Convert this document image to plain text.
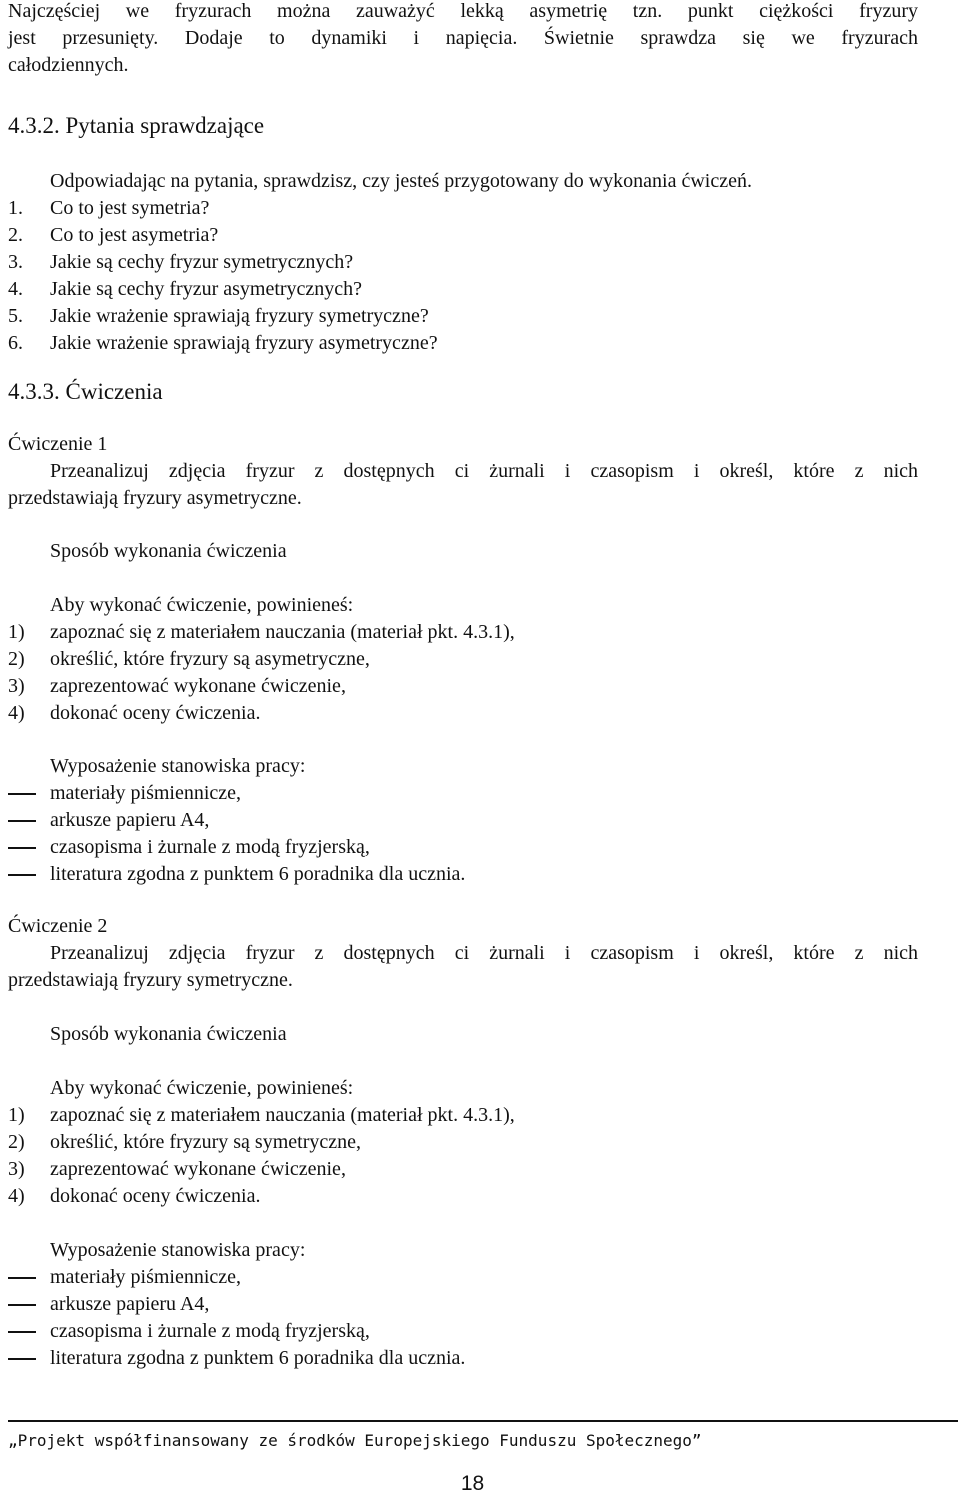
Najczęściej we fryzurach można zauważyć lekką asymetrię tzn. punkt ciężkości fryzury

jest przesunięty. Dodaje to dynamiki i napięcia. Świetnie sprawdza się we fryzurach

całodziennych.

4.3.2. Pytania sprawdzające

Odpowiadając na pytania, sprawdzisz, czy jesteś przygotowany do wykonania ćwiczeń.

1.	Co to jest symetria?
2.	Co to jest asymetria?
3.	Jakie są cechy fryzur symetrycznych?
4.	Jakie są cechy fryzur asymetrycznych?
5.	Jakie wrażenie sprawiają fryzury symetryczne?
6.	Jakie wrażenie sprawiają fryzury asymetryczne?

4.3.3. Ćwiczenia

Ćwiczenie 1

Przeanalizuj zdjęcia fryzur z dostępnych ci żurnali i czasopism i określ, które z nich

przedstawiają fryzury asymetryczne.

Sposób wykonania ćwiczenia

Aby wykonać ćwiczenie, powinieneś:

1)	zapoznać się z materiałem nauczania (materiał pkt. 4.3.1),
2)	określić, które fryzury są asymetryczne,
3)	zaprezentować wykonane ćwiczenie,
4)	dokonać oceny ćwiczenia.

Wyposażenie stanowiska pracy:

materiały piśmiennicze,
arkusze papieru A4,
czasopisma i żurnale z modą fryzjerską,
literatura zgodna z punktem 6 poradnika dla ucznia.

Ćwiczenie 2

Przeanalizuj zdjęcia fryzur z dostępnych ci żurnali i czasopism i określ, które z nich

przedstawiają fryzury symetryczne.

Sposób wykonania ćwiczenia

Aby wykonać ćwiczenie, powinieneś:

1)	zapoznać się z materiałem nauczania (materiał pkt. 4.3.1),
2)	określić, które fryzury są symetryczne,
3)	zaprezentować wykonane ćwiczenie,
4)	dokonać oceny ćwiczenia.

Wyposażenie stanowiska pracy:

materiały piśmiennicze,
arkusze papieru A4,
czasopisma i żurnale z modą fryzjerską,
literatura zgodna z punktem 6 poradnika dla ucznia.

„Projekt współfinansowany ze środków Europejskiego Funduszu Społecznego”

18
